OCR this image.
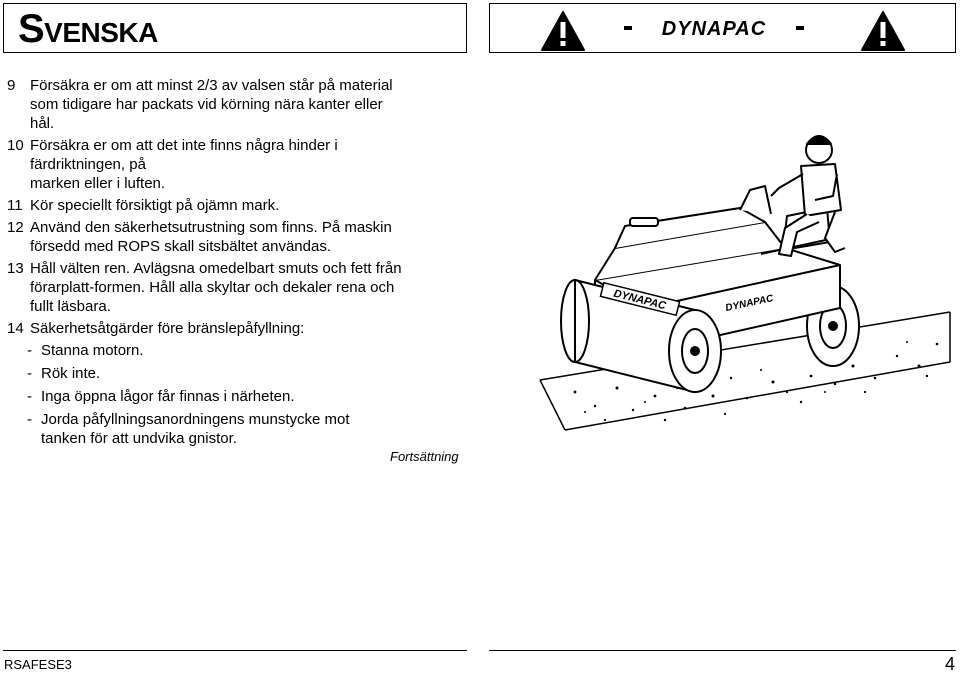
Svenska	DYNAPAC
9 Försäkra er om att minst 2/3 av valsen står på material
som tidigare har packats vid körning nära kanter eller
hål.
10 Försäkra er om att det inte finns några hinder i
färdriktningen, på
marken eller i luften.
11 Kör speciellt försiktigt på ojämn mark.
12 Använd den säkerhetsutrustning som finns. På maskin
försedd med ROPS skall sitsbältet användas.
13 Håll välten ren. Avlägsna omedelbart smuts och fett från
förarplatt-formen. Håll alla skyltar och dekaler rena och
fullt läsbara.
14 Säkerhetsåtgärder före bränslepåfyllning:
- Stanna motorn.
- Rök inte.
- Inga öppna lågor får finnas i närheten.
- Jorda påfyllningsanordningens munstycke mot
tanken för att undvika gnistor.
Fortsättning
DYNAPAC	DYNAPAC
RSAFESE3	4
